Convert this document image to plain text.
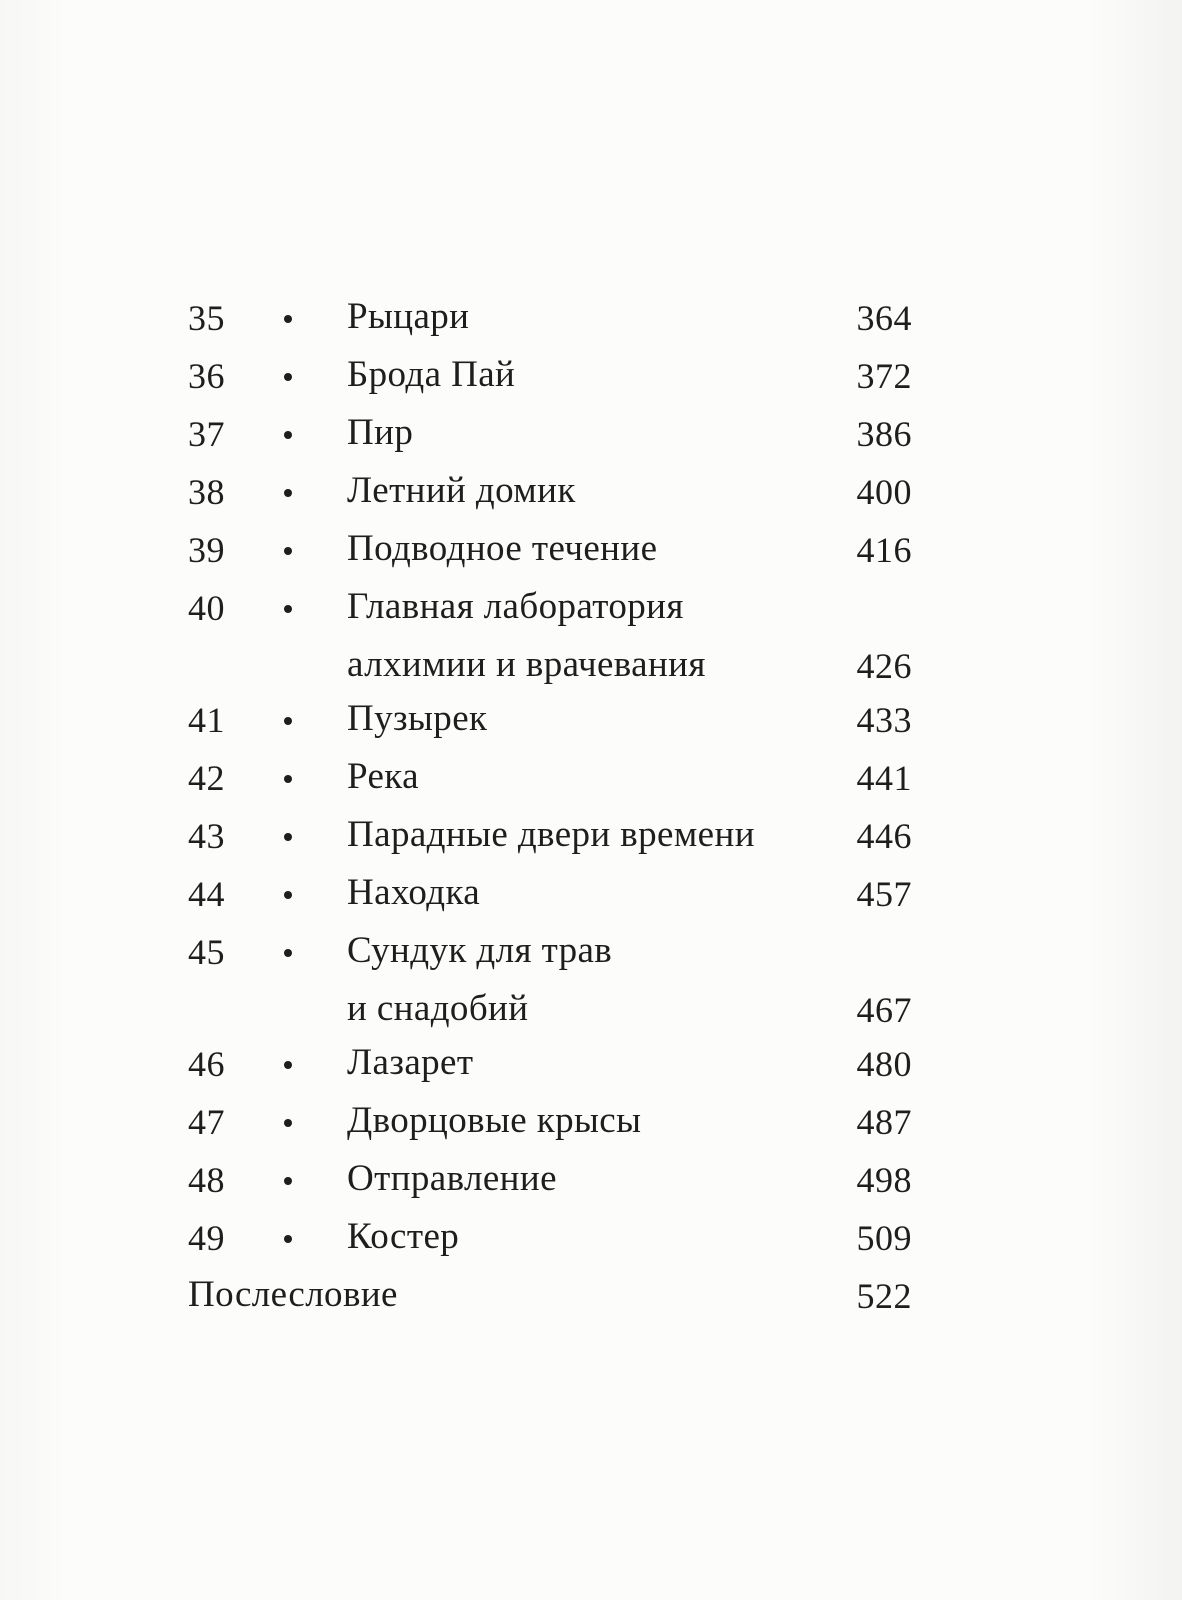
35	Рыцари	364
36	Брода Пай	372
37	Пир	386
38	Летний домик	400
39	Подводное течение	416
40	Главная лаборатория
алхимии и врачевания	426
41	Пузырек	433
42	Река	441
43	Парадные двери времени	446
44	Находка	457
45	Сундук для трав
и снадобий	467
46	Лазарет	480
47	Дворцовые крысы	487
48	Отправление	498
49	Костер	509
Послесловие	522
